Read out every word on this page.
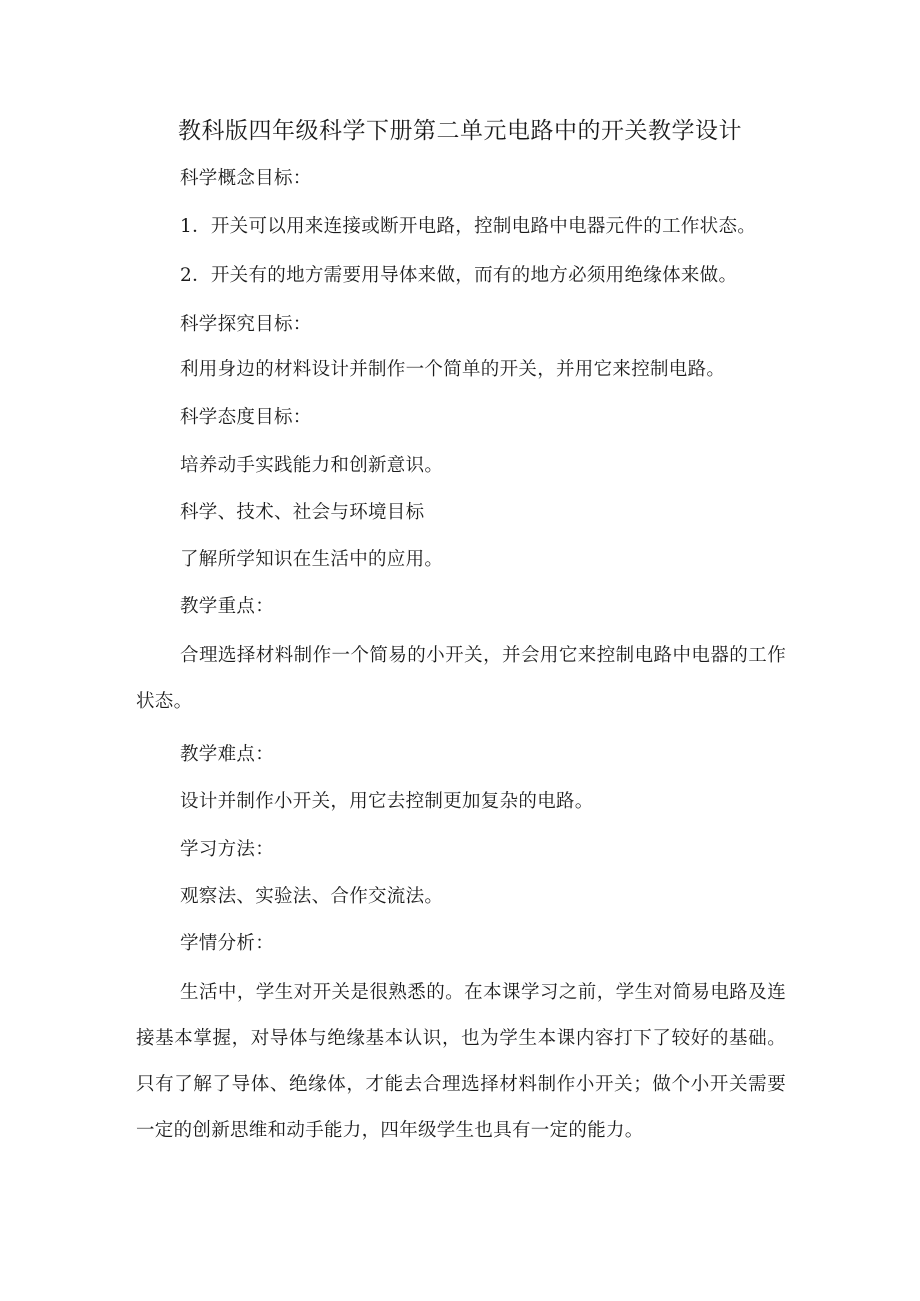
教科版四年级科学下册第二单元电路中的开关教学设计
科学概念目标：
1．开关可以用来连接或断开电路，控制电路中电器元件的工作状态。
2．开关有的地方需要用导体来做，而有的地方必须用绝缘体来做。
科学探究目标：
利用身边的材料设计并制作一个简单的开关，并用它来控制电路。
科学态度目标：
培养动手实践能力和创新意识。
科学、技术、社会与环境目标
了解所学知识在生活中的应用。
教学重点：
合理选择材料制作一个简易的小开关，并会用它来控制电路中电器的工作状态。
教学难点：
设计并制作小开关，用它去控制更加复杂的电路。
学习方法：
观察法、实验法、合作交流法。
学情分析：
生活中，学生对开关是很熟悉的。在本课学习之前，学生对简易电路及连接基本掌握，对导体与绝缘基本认识，也为学生本课内容打下了较好的基础。只有了解了导体、绝缘体，才能去合理选择材料制作小开关；做个小开关需要一定的创新思维和动手能力，四年级学生也具有一定的能力。
